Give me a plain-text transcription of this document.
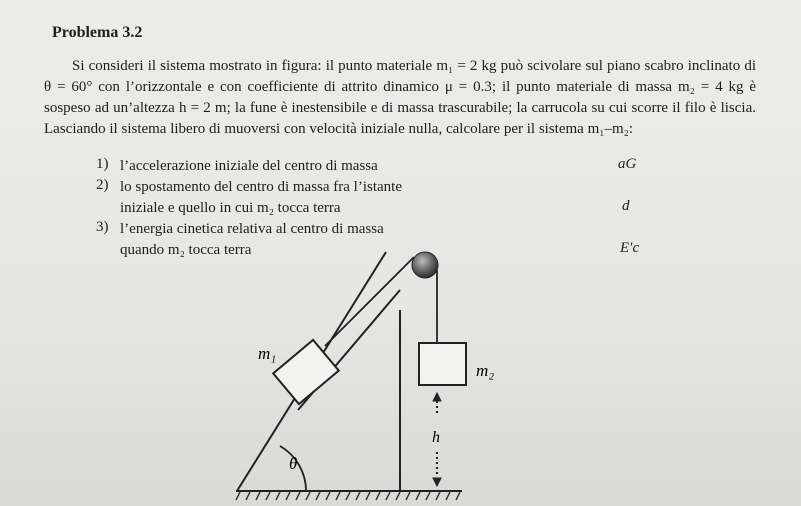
Problema 3.2
Si consideri il sistema mostrato in figura: il punto materiale m₁ = 2 kg può scivolare sul piano scabro inclinato di θ = 60° con l’orizzontale e con coefficiente di attrito dinamico μ = 0.3; il punto materiale di massa m₂ = 4 kg è sospeso ad un’altezza h = 2 m; la fune è inestensibile e di massa trascurabile; la carrucola su cui scorre il filo è liscia. Lasciando il sistema libero di muoversi con velocità iniziale nulla, calcolare per il sistema m₁–m₂:
1) l’accelerazione iniziale del centro di massa	aG
2) lo spostamento del centro di massa fra l’istante
iniziale e quello in cui m₂ tocca terra	d
3) l’energia cinetica relativa al centro di massa
quando m₂ tocca terra	E′c
m₁
m₂
h
θ
